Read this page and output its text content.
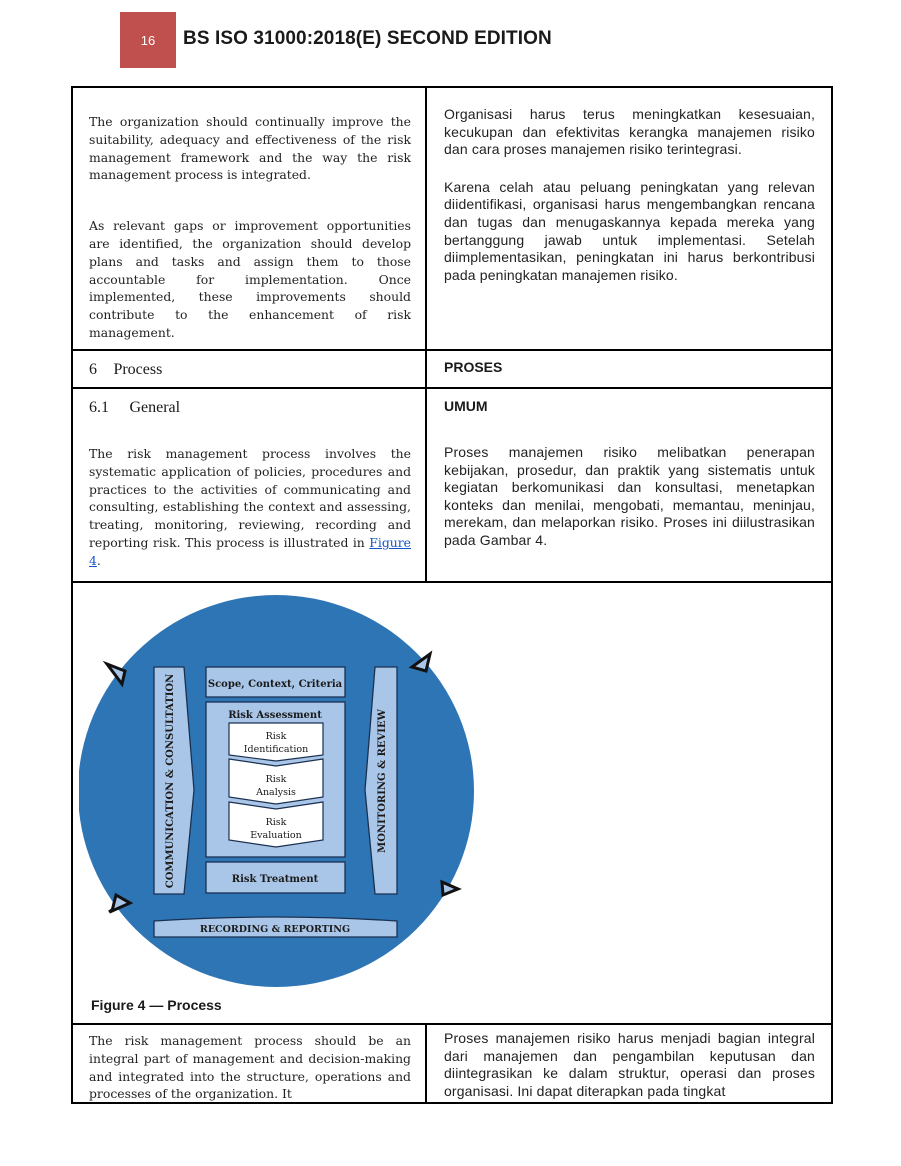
16 BS ISO 31000:2018(E) SECOND EDITION

The organization should continually improve the suitability, adequacy and effectiveness of the risk management framework and the way the risk management process is integrated.

As relevant gaps or improvement opportunities are identified, the organization should develop plans and tasks and assign them to those accountable for implementation. Once implemented, these improvements should contribute to the enhancement of risk management.

Organisasi harus terus meningkatkan kesesuaian, kecukupan dan efektivitas kerangka manajemen risiko dan cara proses manajemen risiko terintegrasi.

Karena celah atau peluang peningkatan yang relevan diidentifikasi, organisasi harus mengembangkan rencana dan tugas dan menugaskannya kepada mereka yang bertanggung jawab untuk implementasi. Setelah diimplementasikan, peningkatan ini harus berkontribusi pada peningkatan manajemen risiko.

6 Process	PROSES
6.1 General

The risk management process involves the systematic application of policies, procedures and practices to the activities of communicating and consulting, establishing the context and assessing, treating, monitoring, reviewing, recording and reporting risk. This process is illustrated in Figure 4.

UMUM

Proses manajemen risiko melibatkan penerapan kebijakan, prosedur, dan praktik yang sistematis untuk kegiatan berkomunikasi dan konsultasi, menetapkan konteks dan menilai, mengobati, memantau, meninjau, merekam, dan melaporkan risiko. Proses ini diilustrasikan pada Gambar 4.

COMMUNICATION & CONSULTATION	MONITORING & REVIEW
Scope, Context, Criteria
Risk Assessment
Risk
Identification
Risk
Analysis
Risk
Evaluation
Risk Treatment
RECORDING & REPORTING
Figure 4 — Process

The risk management process should be an integral part of management and decision-making and integrated into the structure, operations and processes of the organization. It

Proses manajemen risiko harus menjadi bagian integral dari manajemen dan pengambilan keputusan dan diintegrasikan ke dalam struktur, operasi dan proses organisasi. Ini dapat diterapkan pada tingkat
